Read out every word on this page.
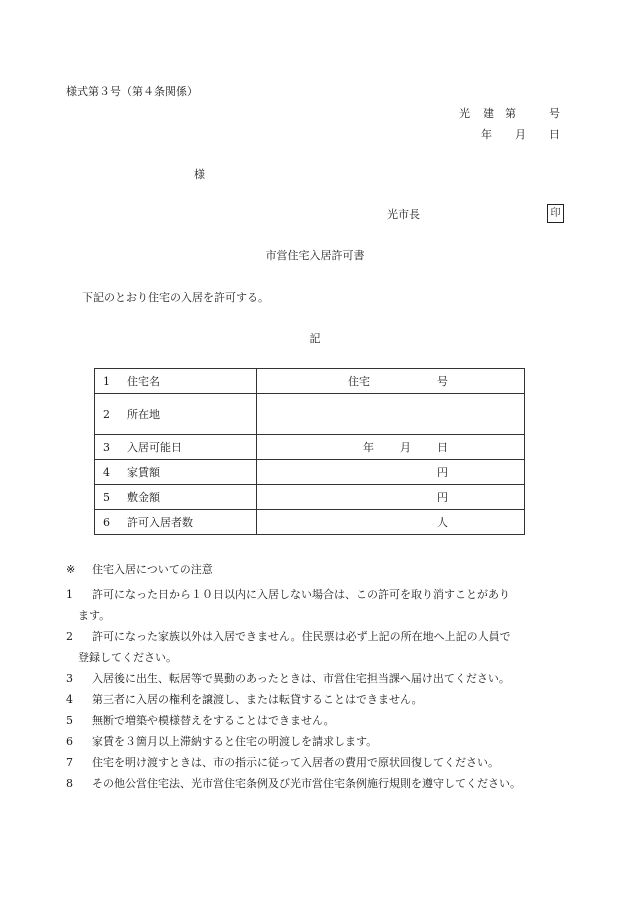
様式第３号（第４条関係）
光 建 第	号
年 月 日
様
光市長	印
市営住宅入居許可書
下記のとおり住宅の入居を許可する。
記
1 住宅名	住宅 号

2 所在地	
3 入居可能日	年 月 日

4 家賃額	円

5 敷金額	円

6 許可入居者数	人
※ 住宅入居についての注意
1 許可になった日から１０日以内に入居しない場合は、この許可を取り消すことがあり
ます。
2 許可になった家族以外は入居できません。住民票は必ず上記の所在地へ上記の人員で
登録してください。
3 入居後に出生、転居等で異動のあったときは、市営住宅担当課へ届け出てください。
4 第三者に入居の権利を譲渡し、または転貸することはできません。
5 無断で増築や模様替えをすることはできません。
6 家賃を３箇月以上滞納すると住宅の明渡しを請求します。
7 住宅を明け渡すときは、市の指示に従って入居者の費用で原状回復してください。
8 その他公営住宅法、光市営住宅条例及び光市営住宅条例施行規則を遵守してください。
